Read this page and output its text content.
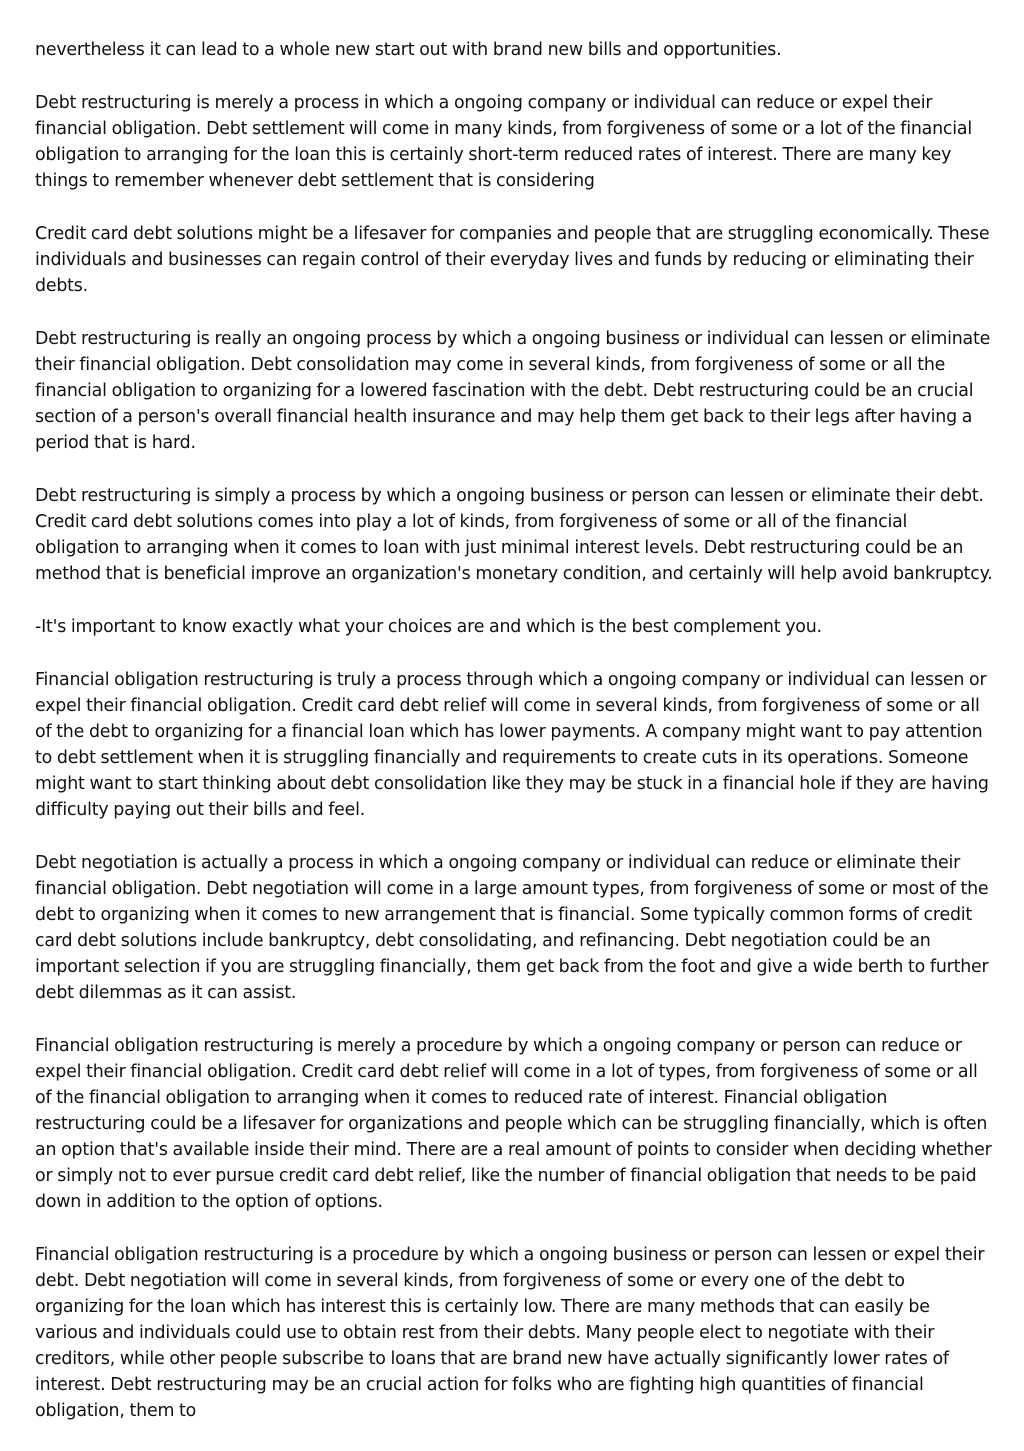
nevertheless it can lead to a whole new start out with brand new bills and opportunities.

Debt restructuring is merely a process in which a ongoing company or individual can reduce or expel their financial obligation. Debt settlement will come in many kinds, from forgiveness of some or a lot of the financial obligation to arranging for the loan this is certainly short-term reduced rates of interest. There are many key things to remember whenever debt settlement that is considering

Credit card debt solutions might be a lifesaver for companies and people that are struggling economically. These individuals and businesses can regain control of their everyday lives and funds by reducing or eliminating their debts.

Debt restructuring is really an ongoing process by which a ongoing business or individual can lessen or eliminate their financial obligation. Debt consolidation may come in several kinds, from forgiveness of some or all the financial obligation to organizing for a lowered fascination with the debt. Debt restructuring could be an crucial section of a person's overall financial health insurance and may help them get back to their legs after having a period that is hard.

Debt restructuring is simply a process by which a ongoing business or person can lessen or eliminate their debt. Credit card debt solutions comes into play a lot of kinds, from forgiveness of some or all of the financial obligation to arranging when it comes to loan with just minimal interest levels. Debt restructuring could be an method that is beneficial improve an organization's monetary condition, and certainly will help avoid bankruptcy.

-It's important to know exactly what your choices are and which is the best complement you.

Financial obligation restructuring is truly a process through which a ongoing company or individual can lessen or expel their financial obligation. Credit card debt relief will come in several kinds, from forgiveness of some or all of the debt to organizing for a financial loan which has lower payments. A company might want to pay attention to debt settlement when it is struggling financially and requirements to create cuts in its operations. Someone might want to start thinking about debt consolidation like they may be stuck in a financial hole if they are having difficulty paying out their bills and feel.

Debt negotiation is actually a process in which a ongoing company or individual can reduce or eliminate their financial obligation. Debt negotiation will come in a large amount types, from forgiveness of some or most of the debt to organizing when it comes to new arrangement that is financial. Some typically common forms of credit card debt solutions include bankruptcy, debt consolidating, and refinancing. Debt negotiation could be an important selection if you are struggling financially, them get back from the foot and give a wide berth to further debt dilemmas as it can assist.

Financial obligation restructuring is merely a procedure by which a ongoing company or person can reduce or expel their financial obligation. Credit card debt relief will come in a lot of types, from forgiveness of some or all of the financial obligation to arranging when it comes to reduced rate of interest. Financial obligation restructuring could be a lifesaver for organizations and people which can be struggling financially, which is often an option that's available inside their mind. There are a real amount of points to consider when deciding whether or simply not to ever pursue credit card debt relief, like the number of financial obligation that needs to be paid down in addition to the option of options.

Financial obligation restructuring is a procedure by which a ongoing business or person can lessen or expel their debt. Debt negotiation will come in several kinds, from forgiveness of some or every one of the debt to organizing for the loan which has interest this is certainly low. There are many methods that can easily be various and individuals could use to obtain rest from their debts. Many people elect to negotiate with their creditors, while other people subscribe to loans that are brand new have actually significantly lower rates of interest. Debt restructuring may be an crucial action for folks who are fighting high quantities of financial obligation, them to
